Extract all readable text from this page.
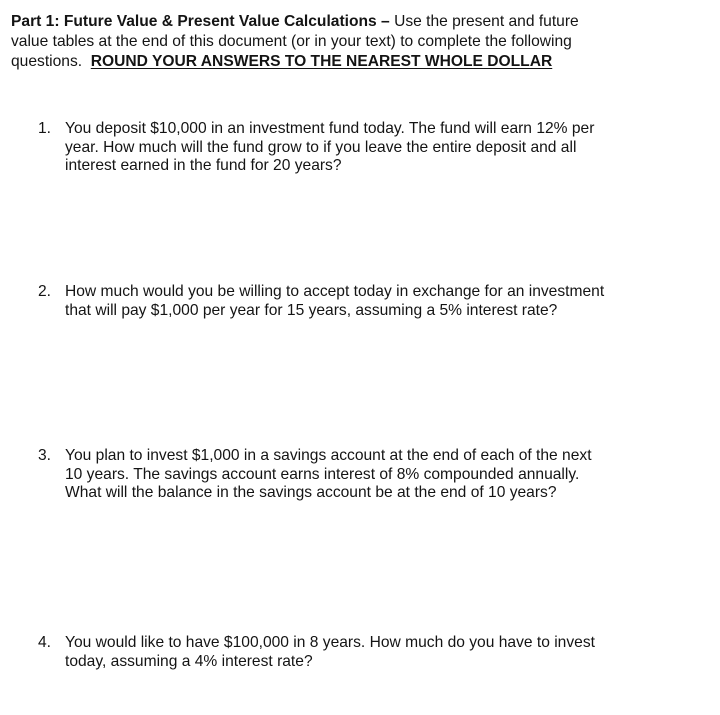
Part 1: Future Value & Present Value Calculations – Use the present and future
value tables at the end of this document (or in your text) to complete the following
questions.  ROUND YOUR ANSWERS TO THE NEAREST WHOLE DOLLAR
1. You deposit $10,000 in an investment fund today. The fund will earn 12% per
year. How much will the fund grow to if you leave the entire deposit and all
interest earned in the fund for 20 years?
2. How much would you be willing to accept today in exchange for an investment
that will pay $1,000 per year for 15 years, assuming a 5% interest rate?
3. You plan to invest $1,000 in a savings account at the end of each of the next
10 years. The savings account earns interest of 8% compounded annually.
What will the balance in the savings account be at the end of 10 years?
4. You would like to have $100,000 in 8 years. How much do you have to invest
today, assuming a 4% interest rate?
